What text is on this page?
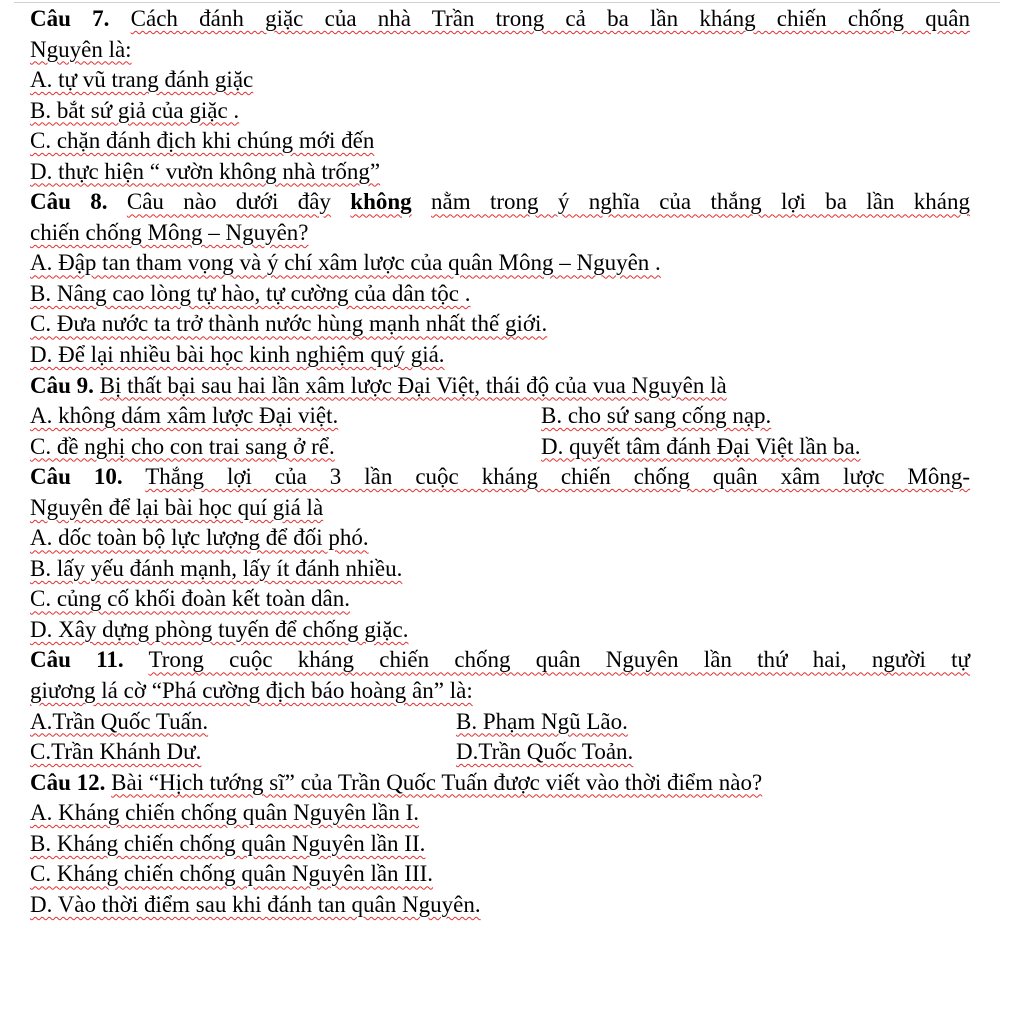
Câu 7. Cách đánh giặc của nhà Trần trong cả ba lần kháng chiến chống quân
Nguyên là:
A. tự vũ trang đánh giặc
B. bắt sứ giả của giặc .
C. chặn đánh địch khi chúng mới đến
D. thực hiện “ vườn không nhà trống”
Câu 8. Câu nào dưới đây không nằm trong ý nghĩa của thắng lợi ba lần kháng
chiến chống Mông – Nguyên?
A. Đập tan tham vọng và ý chí xâm lược của quân Mông – Nguyên .
B. Nâng cao lòng tự hào, tự cường của dân tộc .
C. Đưa nước ta trở thành nước hùng mạnh nhất thế giới.
D. Để lại nhiều bài học kinh nghiệm quý giá.
Câu 9. Bị thất bại sau hai lần xâm lược Đại Việt, thái độ của vua Nguyên là
A. không dám xâm lược Đại việt.	B. cho sứ sang cống nạp.
C. đề nghị cho con trai sang ở rể.	D. quyết tâm đánh Đại Việt lần ba.
Câu 10. Thắng lợi của 3 lần cuộc kháng chiến chống quân xâm lược Mông-
Nguyên để lại bài học quí giá là
A. dốc toàn bộ lực lượng để đối phó.
B. lấy yếu đánh mạnh, lấy ít đánh nhiều.
C. củng cố khối đoàn kết toàn dân.
D. Xây dựng phòng tuyến để chống giặc.
Câu 11. Trong cuộc kháng chiến chống quân Nguyên lần thứ hai, người tự
giương lá cờ “Phá cường địch báo hoàng ân” là:
A.Trần Quốc Tuấn.	B. Phạm Ngũ Lão.
C.Trần Khánh Dư.	D.Trần Quốc Toản.
Câu 12. Bài “Hịch tướng sĩ” của Trần Quốc Tuấn được viết vào thời điểm nào?
A. Kháng chiến chống quân Nguyên lần I.
B. Kháng chiến chống quân Nguyên lần II.
C. Kháng chiến chống quân Nguyên lần III.
D. Vào thời điểm sau khi đánh tan quân Nguyên.
